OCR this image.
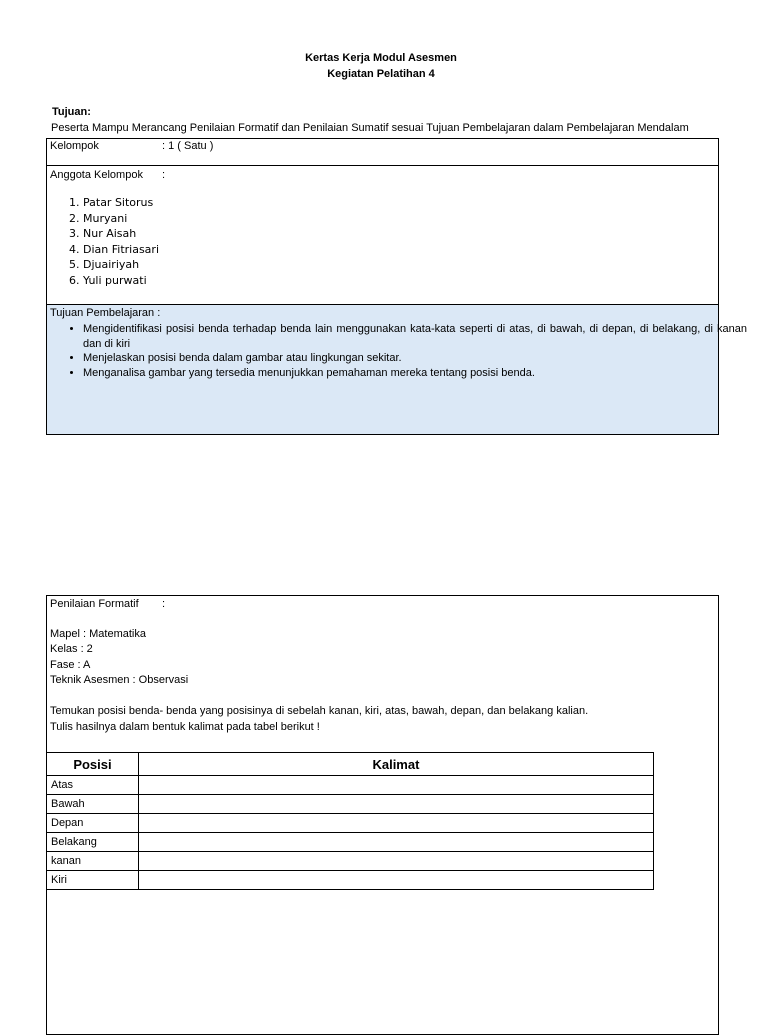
Kertas Kerja Modul Asesmen
Kegiatan Pelatihan 4
Tujuan:
Peserta Mampu Merancang Penilaian Formatif dan Penilaian Sumatif sesuai Tujuan Pembelajaran dalam Pembelajaran Mendalam
Kelompok	: 1 ( Satu )
Anggota Kelompok :
1. Patar Sitorus
2. Muryani
3. Nur Aisah
4. Dian Fitriasari
5. Djuairiyah
6. Yuli purwati
Tujuan Pembelajaran :
• Mengidentifikasi posisi benda terhadap benda lain menggunakan kata-kata seperti di atas, di bawah, di depan, di belakang, di kanan dan di kiri
• Menjelaskan posisi benda dalam gambar atau lingkungan sekitar.
• Menganalisa gambar yang tersedia menunjukkan pemahaman mereka tentang posisi benda.
Penilaian Formatif :
Mapel : Matematika
Kelas : 2
Fase : A
Teknik Asesmen : Observasi
Temukan posisi benda- benda yang posisinya di sebelah kanan, kiri, atas, bawah, depan, dan belakang kalian.
Tulis hasilnya dalam bentuk kalimat pada tabel berikut !
Posisi	Kalimat
Atas	
Bawah	
Depan	
Belakang	
kanan	
Kiri	
